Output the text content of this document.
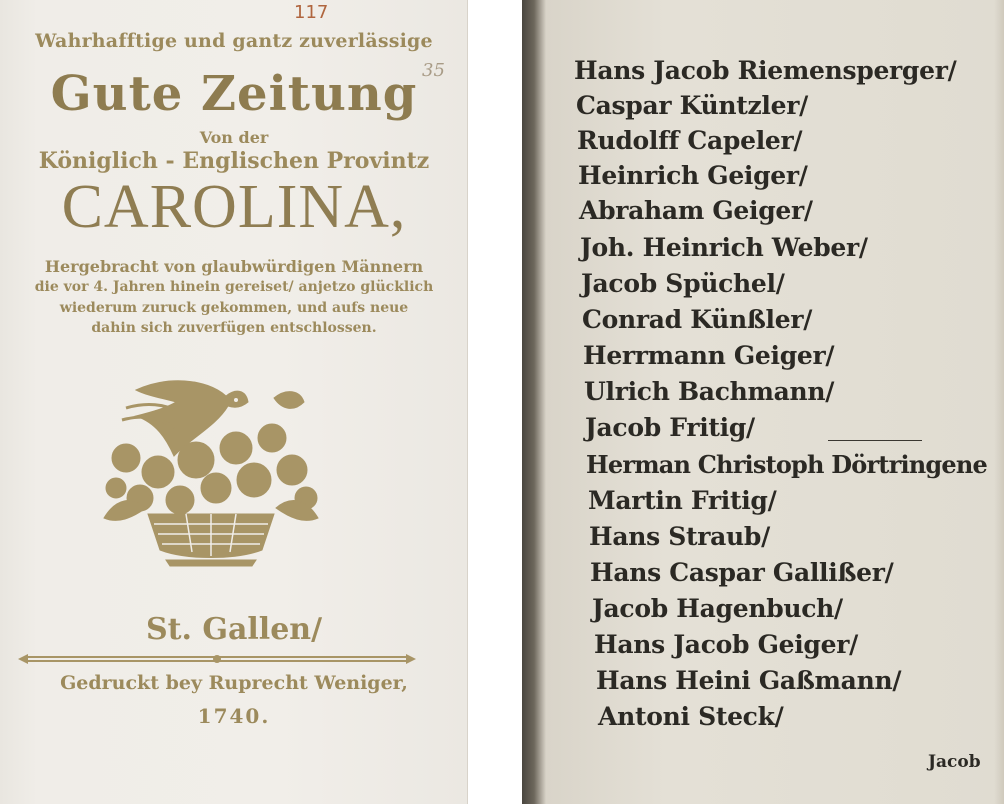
117
35
Wahrhafftige und gantz zuverlässige
Gute Zeitung
Von der
Königlich - Englischen Provintz
CAROLINA,
Hergebracht von glaubwürdigen Männern
die vor 4. Jahren hinein gereiset/ anjetzo glücklich
wiederum zuruck gekommen, und aufs neue
dahin sich zuverfügen entschlossen.
St. Gallen/
Gedruckt bey Ruprecht Weniger,
1740.
Hans Jacob Riemensperger/
Caspar Küntzler/
Rudolff Capeler/
Heinrich Geiger/
Abraham Geiger/
Joh. Heinrich Weber/
Jacob Spüchel/
Conrad Künßler/
Herrmann Geiger/
Ulrich Bachmann/
Jacob Fritig/
Herman Christoph Dörtringene
Martin Fritig/
Hans Straub/
Hans Caspar Gallißer/
Jacob Hagenbuch/
Hans Jacob Geiger/
Hans Heini Gaßmann/
Antoni Steck/
Jacob
